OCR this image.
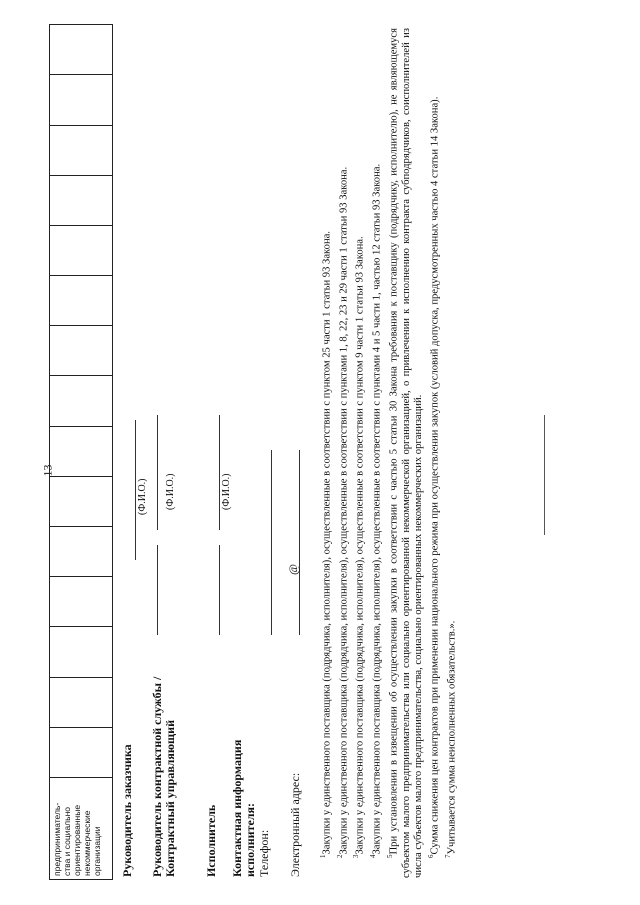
13
предприниматель-
ства и социально
ориентированные
некоммерческие
организации															Руководитель заказчика
(Ф.И.О.)
Руководитель контрактной службы /
Контрактный управляющий
(Ф.И.О.)
Исполнитель
(Ф.И.О.)
Контактная информация
исполнителя: Телефон: Электронный адрес:
@

$^1$Закупки у единственного поставщика (подрядчика, исполнителя), осуществленные в соответствии с пунктом 25 части 1 статьи 93 Закона.

$^2$Закупки у единственного поставщика (подрядчика, исполнителя), осуществленные в соответствии с пунктами 1, 8, 22, 23 и 29 части 1 статьи 93 Закона.

$^3$Закупки у единственного поставщика (подрядчика, исполнителя), осуществленные в соответствии с пунктом 9 части 1 статьи 93 Закона.

$^4$Закупки у единственного поставщика (подрядчика, исполнителя), осуществленные в соответствии с пунктами 4 и 5 части 1, частью 12 статьи 93 Закона.

$^5$При установлении в извещении об осуществлении закупки в соответствии с частью 5 статьи 30 Закона требования к поставщику (подрядчику, исполнителю), не являющемуся субъектом малого предпринимательства или социально ориентированной некоммерческой организацией, о привлечении к исполнению контракта субподрядчиков, соисполнителей из числа субъектов малого предпринимательства, социально ориентированных некоммерческих организаций. $^6$Сумма снижения цен контрактов при применении национального режима при осуществлении закупок (условий допуска, предусмотренных частью 4 статьи 14 Закона).

$^7$Учитывается сумма неисполненных обязательств.».
